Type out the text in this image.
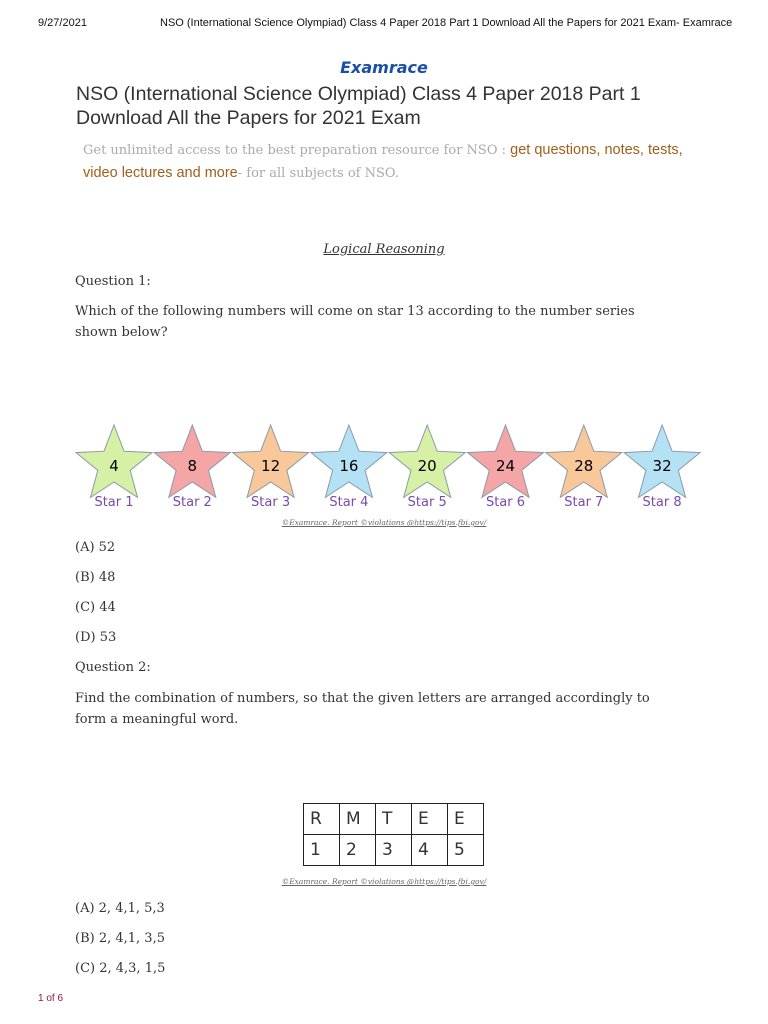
9/27/2021	NSO (International Science Olympiad) Class 4 Paper 2018 Part 1 Download All the Papers for 2021 Exam- Examrace
Examrace
NSO (International Science Olympiad) Class 4 Paper 2018 Part 1 Download All the Papers for 2021 Exam
Get unlimited access to the best preparation resource for NSO : get questions, notes, tests, video lectures and more- for all subjects of NSO.
Logical Reasoning
Question 1:
Which of the following numbers will come on star 13 according to the number series shown below?
4
Star 1
8
Star 2
12
Star 3
16
Star 4
20
Star 5
24
Star 6
28
Star 7
32
Star 8
©Examrace. Report ©violations @https://tips.fbi.gov/
(A) 52
(B) 48
(C) 44
(D) 53
Question 2:
Find the combination of numbers, so that the given letters are arranged accordingly to form a meaningful word.
R	M	T	E	E
1	2	3	4	5
©Examrace. Report ©violations @https://tips.fbi.gov/
(A) 2, 4,1, 5,3
(B) 2, 4,1, 3,5
(C) 2, 4,3, 1,5
1 of 6
